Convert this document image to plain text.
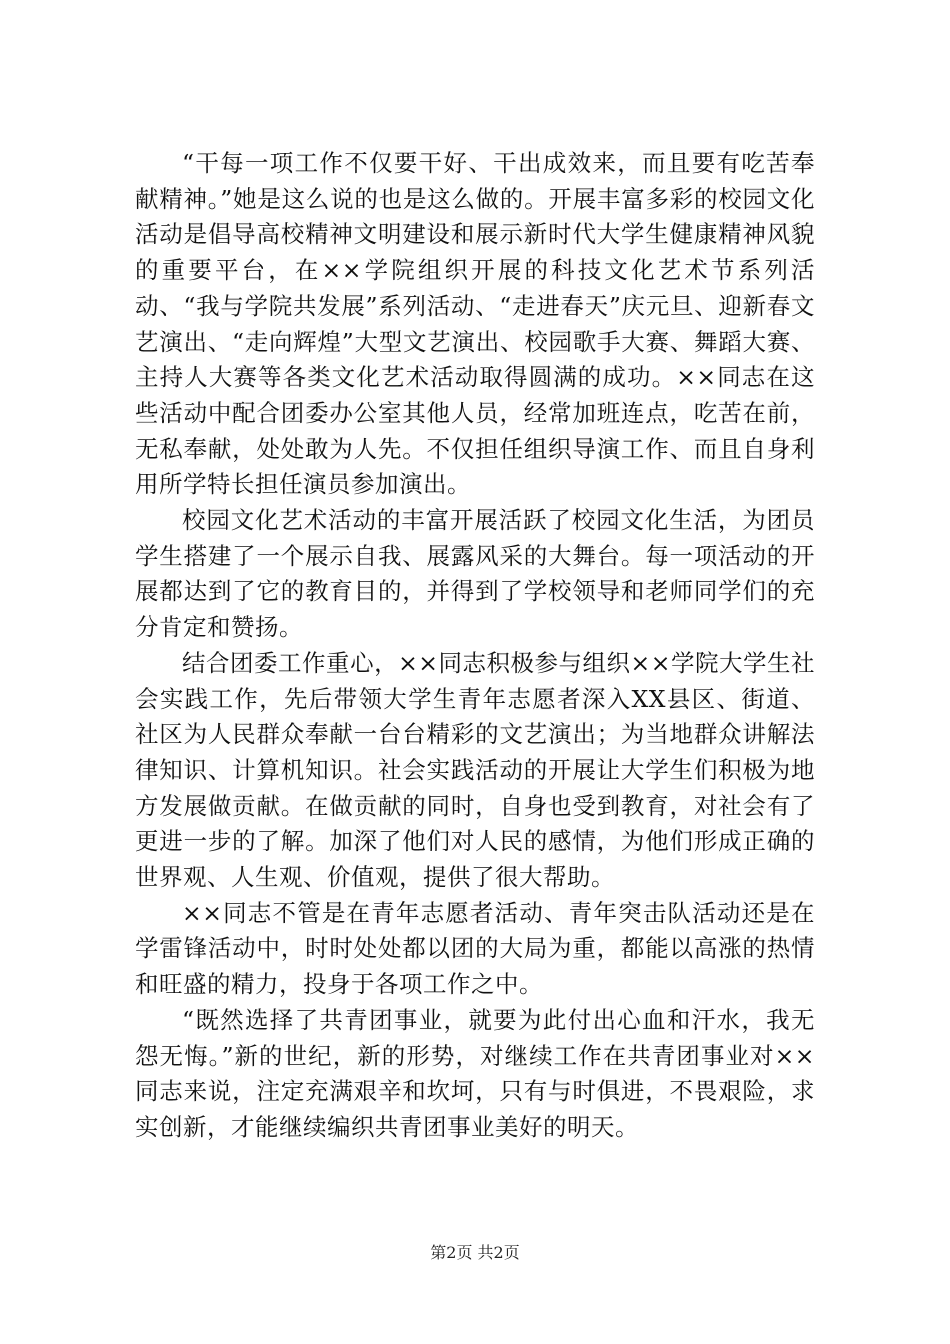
“干每一项工作不仅要干好、干出成效来，而且要有吃苦奉献精神。”她是这么说的也是这么做的。开展丰富多彩的校园文化活动是倡导高校精神文明建设和展示新时代大学生健康精神风貌的重要平台，在××学院组织开展的科技文化艺术节系列活动、“我与学院共发展”系列活动、“走进春天”庆元旦、迎新春文艺演出、“走向辉煌”大型文艺演出、校园歌手大赛、舞蹈大赛、主持人大赛等各类文化艺术活动取得圆满的成功。××同志在这些活动中配合团委办公室其他人员，经常加班连点，吃苦在前，无私奉献，处处敢为人先。不仅担任组织导演工作、而且自身利用所学特长担任演员参加演出。

校园文化艺术活动的丰富开展活跃了校园文化生活，为团员学生搭建了一个展示自我、展露风采的大舞台。每一项活动的开展都达到了它的教育目的，并得到了学校领导和老师同学们的充分肯定和赞扬。

结合团委工作重心，××同志积极参与组织××学院大学生社会实践工作，先后带领大学生青年志愿者深入XX县区、街道、社区为人民群众奉献一台台精彩的文艺演出；为当地群众讲解法律知识、计算机知识。社会实践活动的开展让大学生们积极为地方发展做贡献。在做贡献的同时，自身也受到教育，对社会有了更进一步的了解。加深了他们对人民的感情，为他们形成正确的世界观、人生观、价值观，提供了很大帮助。

××同志不管是在青年志愿者活动、青年突击队活动还是在学雷锋活动中，时时处处都以团的大局为重，都能以高涨的热情和旺盛的精力，投身于各项工作之中。

“既然选择了共青团事业，就要为此付出心血和汗水，我无怨无悔。”新的世纪，新的形势，对继续工作在共青团事业对××同志来说，注定充满艰辛和坎坷，只有与时俱进，不畏艰险，求实创新，才能继续编织共青团事业美好的明天。

第2页 共2页
